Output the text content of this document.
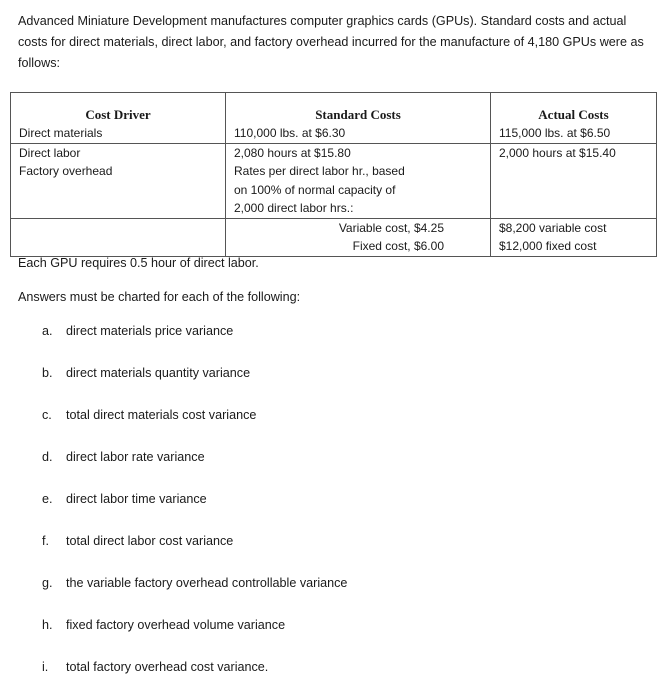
Advanced Miniature Development manufactures computer graphics cards (GPUs). Standard costs and actual costs for direct materials, direct labor, and factory overhead incurred for the manufacture of 4,180 GPUs were as follows:

Cost Driver	Standard Costs	Actual Costs
Direct materials	110,000 lbs. at $6.30	115,000 lbs. at $6.50
Direct labor	2,080 hours at $15.80	2,000 hours at $15.40
Factory overhead	Rates per direct labor hr., based
on 100% of normal capacity of
2,000 direct labor hrs.:	

	Variable cost, $4.25	$8,200 variable cost
	Fixed cost, $6.00	$12,000 fixed cost

Each GPU requires 0.5 hour of direct labor.

Answers must be charted for each of the following:

a. direct materials price variance

b. direct materials quantity variance

c. total direct materials cost variance

d. direct labor rate variance

e. direct labor time variance

f. total direct labor cost variance

g. the variable factory overhead controllable variance

h. fixed factory overhead volume variance

i. total factory overhead cost variance.
